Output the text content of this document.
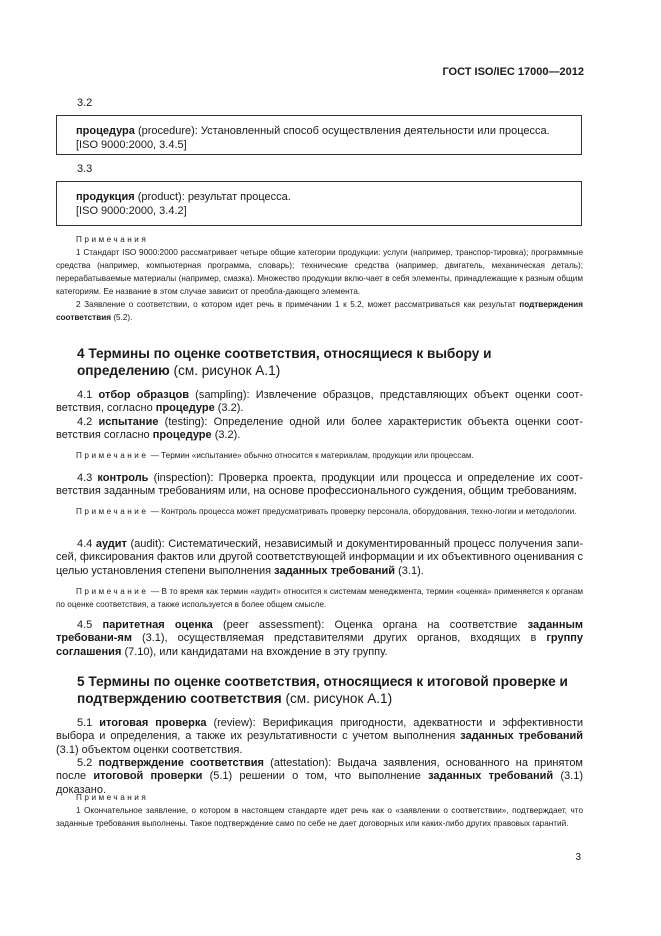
ГОСТ ISO/IEC 17000—2012
3.2
процедура (procedure): Установленный способ осуществления деятельности или процесса.
[ISO 9000:2000, 3.4.5]
3.3
продукция (product): результат процесса.
[ISO 9000:2000, 3.4.2]
Примечания
1 Стандарт ISO 9000:2000 рассматривает четыре общие категории продукции: услуги (например, транспор-тировка); программные средства (например, компьютерная программа, словарь); технические средства (например, двигатель, механическая деталь); перерабатываемые материалы (например, смазка). Множество продукции вклю-чает в себя элементы, принадлежащие к разным общим категориям. Ее название в этом случае зависит от преобла-дающего элемента.
2 Заявление о соответствии, о котором идет речь в примечании 1 к 5.2, может рассматриваться как результат подтверждения соответствия (5.2).
4 Термины по оценке соответствия, относящиеся к выбору и определению (см. рисунок А.1)
4.1 отбор образцов (sampling): Извлечение образцов, представляющих объект оценки соот-ветствия, согласно процедуре (3.2).
4.2 испытание (testing): Определение одной или более характеристик объекта оценки соот-ветствия согласно процедуре (3.2).
Примечание — Термин «испытание» обычно относится к материалам, продукции или процессам.
4.3 контроль (inspection): Проверка проекта, продукции или процесса и определение их соот-ветствия заданным требованиям или, на основе профессионального суждения, общим требованиям.
Примечание — Контроль процесса может предусматривать проверку персонала, оборудования, техно-логии и методологии.
4.4 аудит (audit): Систематический, независимый и документированный процесс получения запи-сей, фиксирования фактов или другой соответствующей информации и их объективного оценивания с целью установления степени выполнения заданных требований (3.1).
Примечание — В то время как термин «аудит» относится к системам менеджмента, термин «оценка» применяется к органам по оценке соответствия, а также используется в более общем смысле.
4.5 паритетная оценка (peer assessment): Оценка органа на соответствие заданным требовани-ям (3.1), осуществляемая представителями других органов, входящих в группу соглашения (7.10), или кандидатами на вхождение в эту группу.
5 Термины по оценке соответствия, относящиеся к итоговой проверке и подтверждению соответствия (см. рисунок А.1)
5.1 итоговая проверка (review): Верификация пригодности, адекватности и эффективности выбора и определения, а также их результативности с учетом выполнения заданных требований (3.1) объектом оценки соответствия.
5.2 подтверждение соответствия (attestation): Выдача заявления, основанного на принятом после итоговой проверки (5.1) решении о том, что выполнение заданных требований (3.1) доказано.
Примечания
1 Окончательное заявление, о котором в настоящем стандарте идет речь как о «заявлении о соответствии», подтверждает, что заданные требования выполнены. Такое подтверждение само по себе не дает договорных или каких-либо других правовых гарантий.
3
